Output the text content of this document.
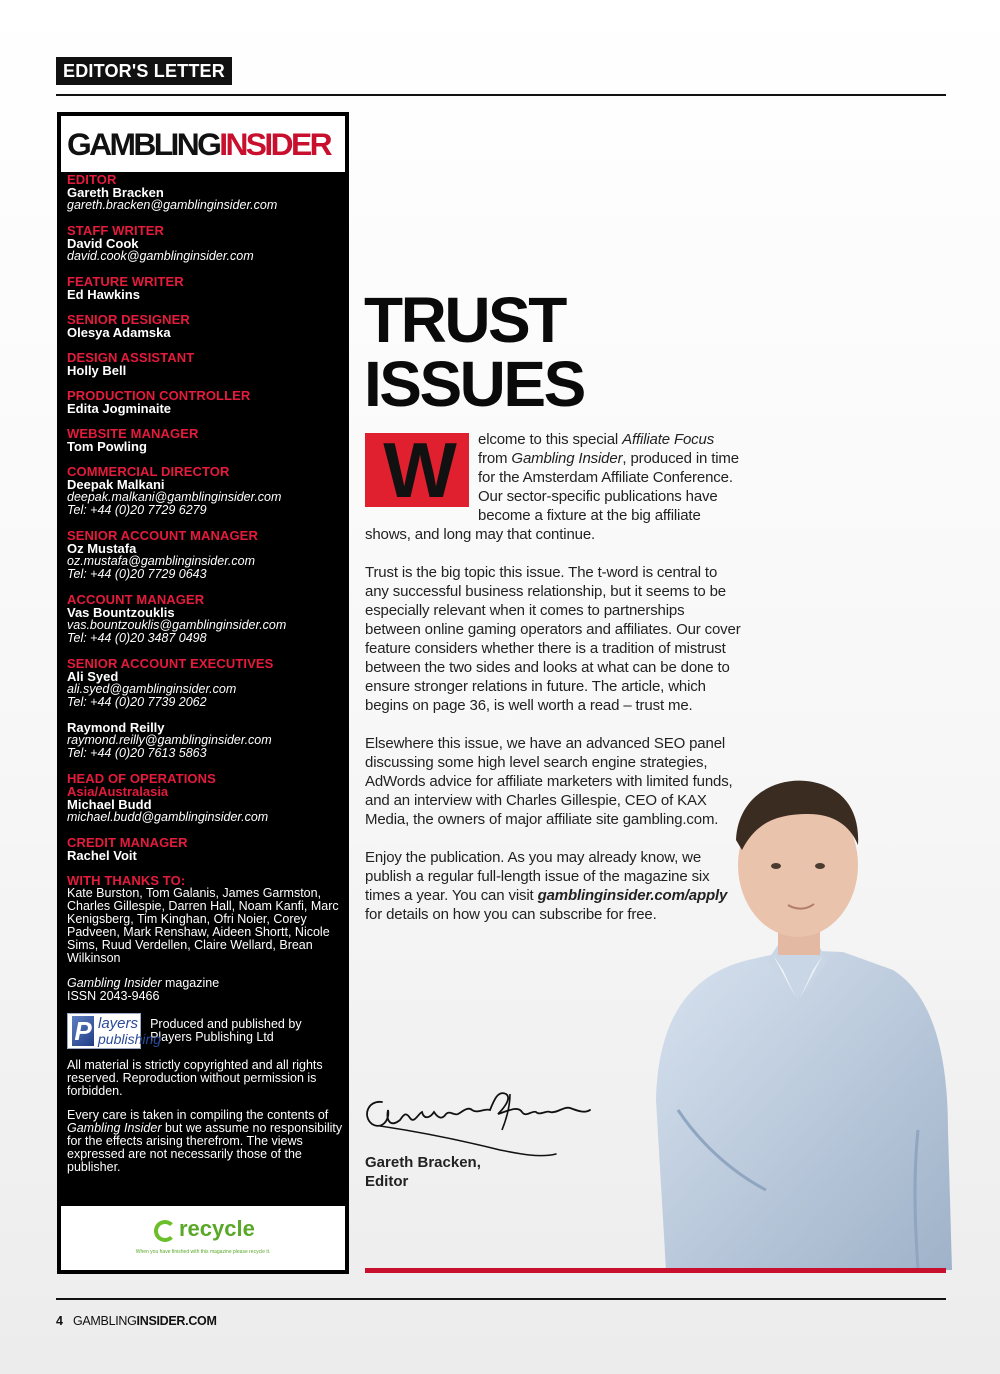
EDITOR'S LETTER
GAMBLINGINSIDER
EDITOR
Gareth Bracken
gareth.bracken@gamblinginsider.com
STAFF WRITER
David Cook
david.cook@gamblinginsider.com
FEATURE WRITER
Ed Hawkins
SENIOR DESIGNER
Olesya Adamska
DESIGN ASSISTANT
Holly Bell
PRODUCTION CONTROLLER
Edita Jogminaite
WEBSITE MANAGER
Tom Powling
COMMERCIAL DIRECTOR
Deepak Malkani
deepak.malkani@gamblinginsider.com
Tel: +44 (0)20 7729 6279
SENIOR ACCOUNT MANAGER
Oz Mustafa
oz.mustafa@gamblinginsider.com
Tel: +44 (0)20 7729 0643
ACCOUNT MANAGER
Vas Bountzouklis
vas.bountzouklis@gamblinginsider.com
Tel: +44 (0)20 3487 0498
SENIOR ACCOUNT EXECUTIVES
Ali Syed
ali.syed@gamblinginsider.com
Tel: +44 (0)20 7739 2062
Raymond Reilly
raymond.reilly@gamblinginsider.com
Tel: +44 (0)20 7613 5863
HEAD OF OPERATIONS
Asia/Australasia
Michael Budd
michael.budd@gamblinginsider.com
CREDIT MANAGER
Rachel Voit
WITH THANKS TO:
Kate Burston, Tom Galanis, James Garmston, Charles Gillespie, Darren Hall, Noam Kanfi, Marc Kenigsberg, Tim Kinghan, Ofri Noier, Corey Padveen, Mark Renshaw, Aideen Shortt, Nicole Sims, Ruud Verdellen, Claire Wellard, Brean Wilkinson
Gambling Insider magazine
ISSN 2043-9466
P layers
publishing
Produced and published by Players Publishing Ltd
All material is strictly copyrighted and all rights reserved. Reproduction without permission is forbidden.
Every care is taken in compiling the contents of Gambling Insider but we assume no responsibility for the effects arising therefrom. The views expressed are not necessarily those of the publisher.
recycle
When you have finished with this magazine please recycle it.
TRUST
ISSUES

W	elcome to this special Affiliate Focus from Gambling Insider, produced in time for the Amsterdam Affiliate Conference. Our sector-specific publications have become a fixture at the big affiliate shows, and long may that continue.

Trust is the big topic this issue. The t-word is central to any successful business relationship, but it seems to be especially relevant when it comes to partnerships between online gaming operators and affiliates. Our cover feature considers whether there is a tradition of mistrust between the two sides and looks at what can be done to ensure stronger relations in future. The article, which begins on page 36, is well worth a read – trust me.

Elsewhere this issue, we have an advanced SEO panel discussing some high level search engine strategies, AdWords advice for affiliate marketers with limited funds, and an interview with Charles Gillespie, CEO of KAX Media, the owners of major affiliate site gambling.com.

Enjoy the publication. As you may already know, we publish a regular full-length issue of the magazine six times a year. You can visit gamblinginsider.com/apply for details on how you can subscribe for free.

Gareth Bracken,
Editor
4 GAMBLINGINSIDER.COM
